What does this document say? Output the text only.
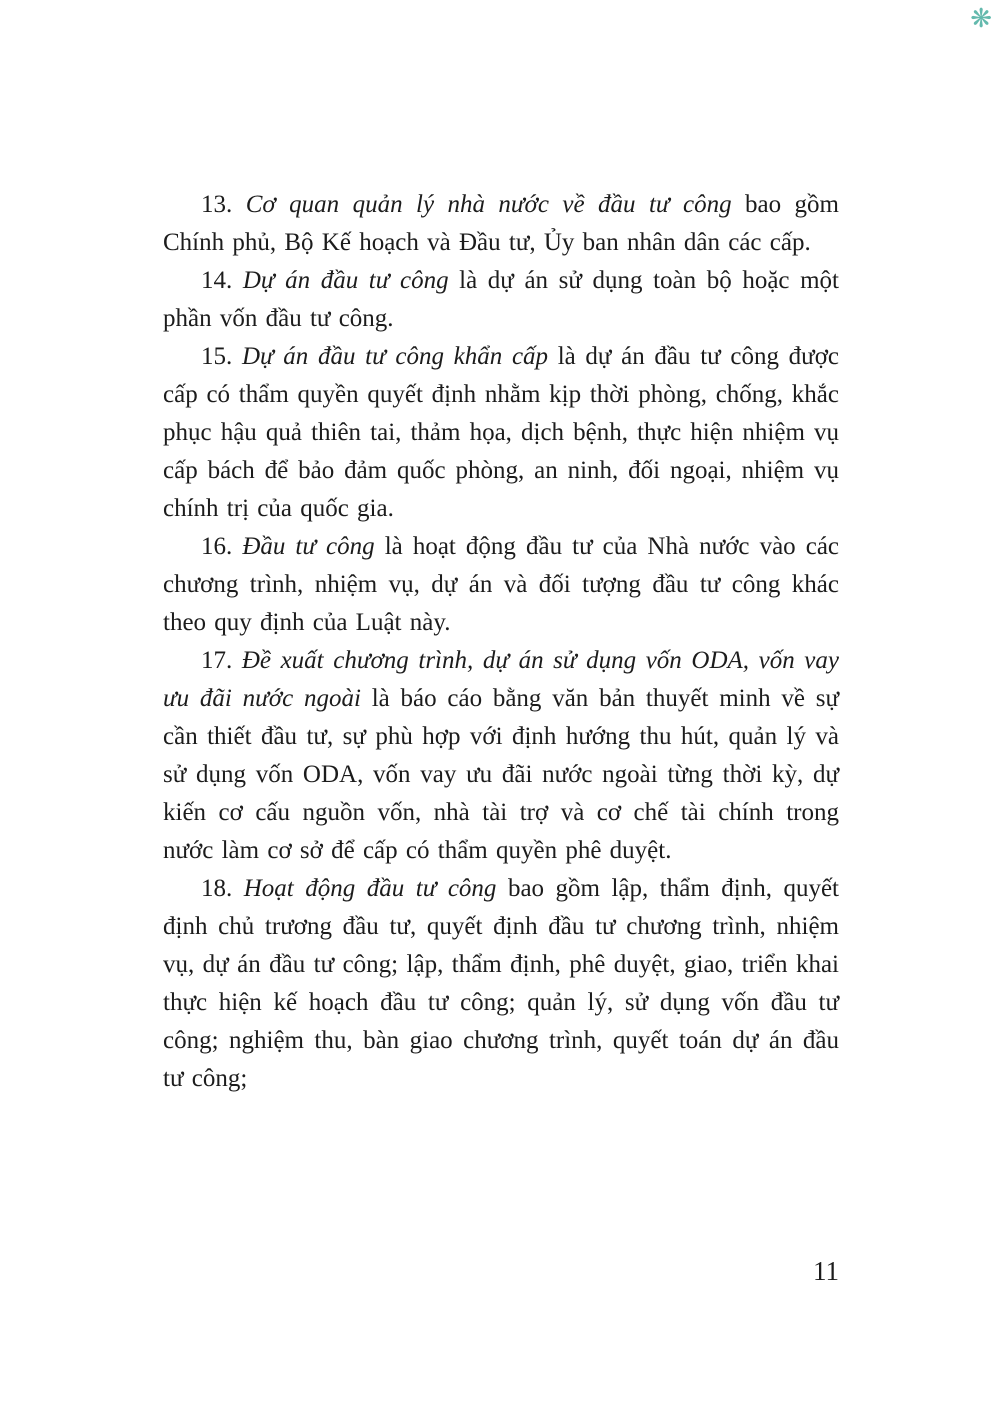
❋

13. Cơ quan quản lý nhà nước về đầu tư công bao gồm Chính phủ, Bộ Kế hoạch và Đầu tư, Ủy ban nhân dân các cấp.

14. Dự án đầu tư công là dự án sử dụng toàn bộ hoặc một phần vốn đầu tư công.

15. Dự án đầu tư công khẩn cấp là dự án đầu tư công được cấp có thẩm quyền quyết định nhằm kịp thời phòng, chống, khắc phục hậu quả thiên tai, thảm họa, dịch bệnh, thực hiện nhiệm vụ cấp bách để bảo đảm quốc phòng, an ninh, đối ngoại, nhiệm vụ chính trị của quốc gia.

16. Đầu tư công là hoạt động đầu tư của Nhà nước vào các chương trình, nhiệm vụ, dự án và đối tượng đầu tư công khác theo quy định của Luật này.

17. Đề xuất chương trình, dự án sử dụng vốn ODA, vốn vay ưu đãi nước ngoài là báo cáo bằng văn bản thuyết minh về sự cần thiết đầu tư, sự phù hợp với định hướng thu hút, quản lý và sử dụng vốn ODA, vốn vay ưu đãi nước ngoài từng thời kỳ, dự kiến cơ cấu nguồn vốn, nhà tài trợ và cơ chế tài chính trong nước làm cơ sở để cấp có thẩm quyền phê duyệt.

18. Hoạt động đầu tư công bao gồm lập, thẩm định, quyết định chủ trương đầu tư, quyết định đầu tư chương trình, nhiệm vụ, dự án đầu tư công; lập, thẩm định, phê duyệt, giao, triển khai thực hiện kế hoạch đầu tư công; quản lý, sử dụng vốn đầu tư công; nghiệm thu, bàn giao chương trình, quyết toán dự án đầu tư công;

11
